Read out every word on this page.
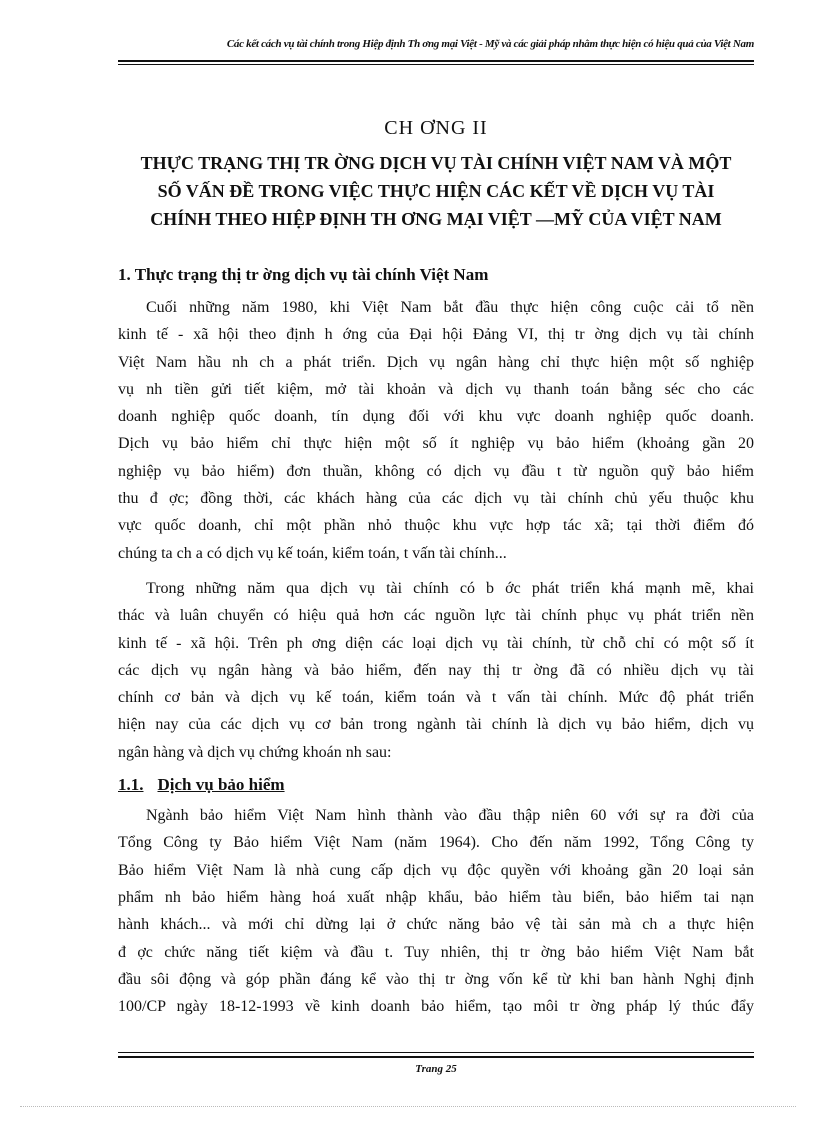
Các kết cách vụ tài chính trong Hiệp định Th ơng mại Việt - Mỹ và các giải pháp nhằm thực hiện có hiệu quả của Việt Nam
CH ƠNG II
THỰC TRẠNG THỊ TR ỜNG DỊCH VỤ TÀI CHÍNH VIỆT NAM VÀ MỘT
SỐ VẤN ĐỀ TRONG VIỆC THỰC HIỆN CÁC KẾT VỀ DỊCH VỤ TÀI
CHÍNH THEO HIỆP ĐỊNH TH ƠNG MẠI VIỆT —MỸ CỦA VIỆT NAM
1. Thực trạng thị tr ờng dịch vụ tài chính Việt Nam
Cuối những năm 1980, khi Việt Nam bắt đầu thực hiện công cuộc cải tổ nền
kinh tế - xã hội theo định h ớng của Đại hội Đảng VI, thị tr ờng dịch vụ tài chính
Việt Nam hầu nh ch a phát triển. Dịch vụ ngân hàng chỉ thực hiện một số nghiệp
vụ nh tiền gửi tiết kiệm, mở tài khoản và dịch vụ thanh toán bằng séc cho các
doanh nghiệp quốc doanh, tín dụng đối với khu vực doanh nghiệp quốc doanh.
Dịch vụ bảo hiểm chỉ thực hiện một số ít nghiệp vụ bảo hiểm (khoảng gần 20
nghiệp vụ bảo hiểm) đơn thuần, không có dịch vụ đầu t từ nguồn quỹ bảo hiểm
thu đ ợc; đồng thời, các khách hàng của các dịch vụ tài chính chủ yếu thuộc khu
vực quốc doanh, chỉ một phần nhỏ thuộc khu vực hợp tác xã; tại thời điểm đó
chúng ta ch a có dịch vụ kế toán, kiểm toán, t vấn tài chính...
Trong những năm qua dịch vụ tài chính có b ớc phát triển khá mạnh mẽ, khai
thác và luân chuyển có hiệu quả hơn các nguồn lực tài chính phục vụ phát triển nền
kinh tế - xã hội. Trên ph ơng diện các loại dịch vụ tài chính, từ chỗ chỉ có một số ít
các dịch vụ ngân hàng và bảo hiểm, đến nay thị tr ờng đã có nhiều dịch vụ tài
chính cơ bản và dịch vụ kế toán, kiểm toán và t vấn tài chính. Mức độ phát triển
hiện nay của các dịch vụ cơ bản trong ngành tài chính là dịch vụ bảo hiểm, dịch vụ
ngân hàng và dịch vụ chứng khoán nh sau:
1.1. Dịch vụ bảo hiểm
Ngành bảo hiểm Việt Nam hình thành vào đầu thập niên 60 với sự ra đời của
Tổng Công ty Bảo hiểm Việt Nam (năm 1964). Cho đến năm 1992, Tổng Công ty
Bảo hiểm Việt Nam là nhà cung cấp dịch vụ độc quyền với khoảng gần 20 loại sản
phẩm nh bảo hiểm hàng hoá xuất nhập khẩu, bảo hiểm tàu biển, bảo hiểm tai nạn
hành khách... và mới chỉ dừng lại ở chức năng bảo vệ tài sản mà ch a thực hiện
đ ợc chức năng tiết kiệm và đầu t. Tuy nhiên, thị tr ờng bảo hiểm Việt Nam bắt
đầu sôi động và góp phần đáng kể vào thị tr ờng vốn kể từ khi ban hành Nghị định
100/CP ngày 18-12-1993 về kinh doanh bảo hiểm, tạo môi tr ờng pháp lý thúc đẩy
Trang 25
